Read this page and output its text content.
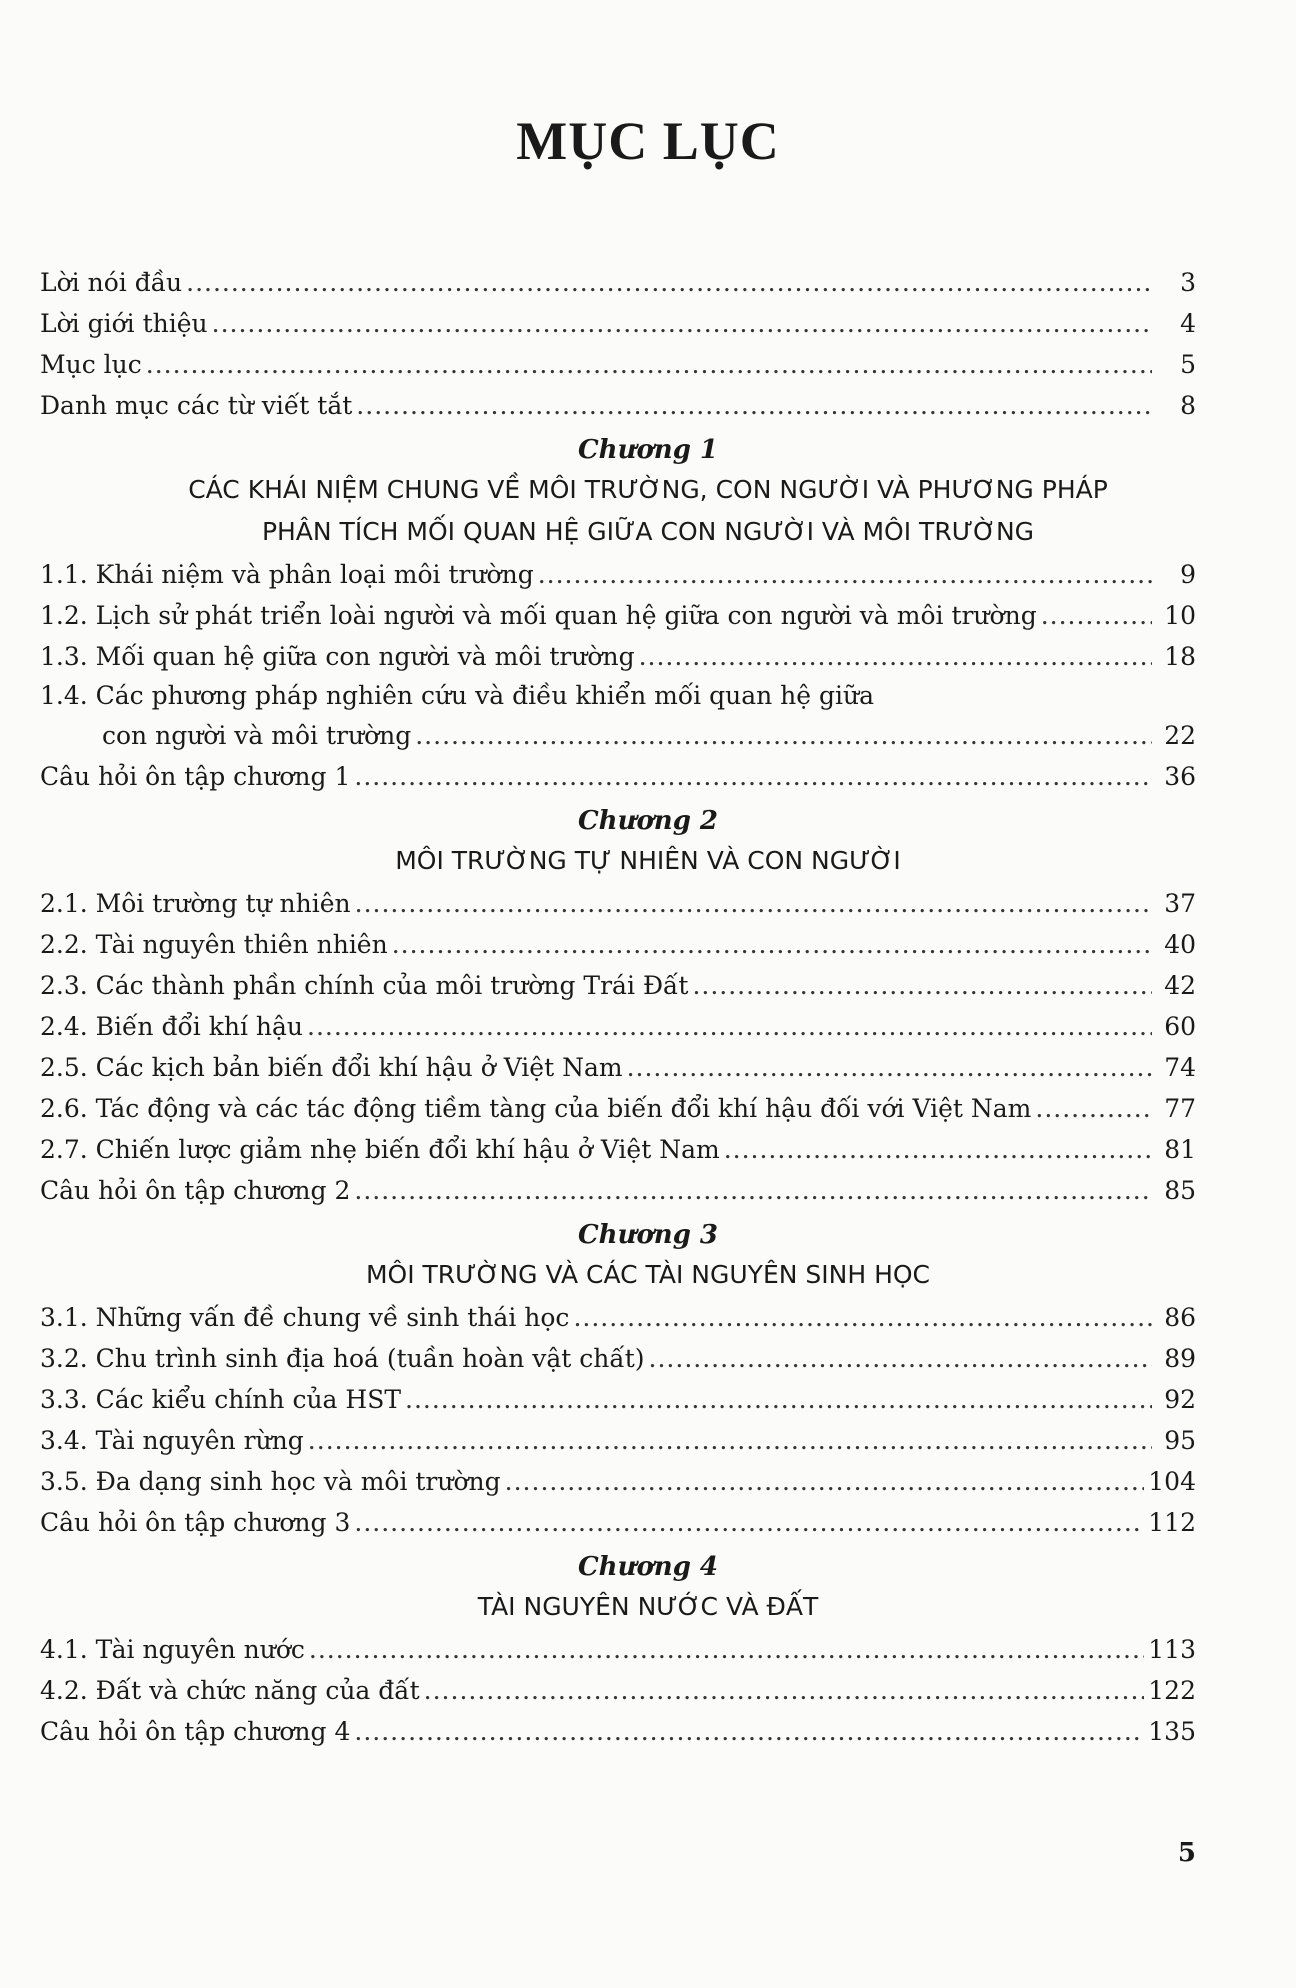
MỤC LỤC
Lời nói đầu .....	3
Lời giới thiệu .....	4
Mục lục .....	5
Danh mục các từ viết tắt .....	8
Chương 1
CÁC KHÁI NIỆM CHUNG VỀ MÔI TRƯỜNG, CON NGƯỜI VÀ PHƯƠNG PHÁP
PHÂN TÍCH MỐI QUAN HỆ GIỮA CON NGƯỜI VÀ MÔI TRƯỜNG
1.1. Khái niệm và phân loại môi trường .....	9
1.2. Lịch sử phát triển loài người và mối quan hệ giữa con người và môi trường .....	10
1.3. Mối quan hệ giữa con người và môi trường .....	18
1.4. Các phương pháp nghiên cứu và điều khiển mối quan hệ giữa
con người và môi trường .....	22
Câu hỏi ôn tập chương 1 .....	36
Chương 2
MÔI TRƯỜNG TỰ NHIÊN VÀ CON NGƯỜI
2.1. Môi trường tự nhiên .....	37
2.2. Tài nguyên thiên nhiên .....	40
2.3. Các thành phần chính của môi trường Trái Đất .....	42
2.4. Biến đổi khí hậu .....	60
2.5. Các kịch bản biến đổi khí hậu ở Việt Nam .....	74
2.6. Tác động và các tác động tiềm tàng của biến đổi khí hậu đối với Việt Nam .....	77
2.7. Chiến lược giảm nhẹ biến đổi khí hậu ở Việt Nam .....	81
Câu hỏi ôn tập chương 2 .....	85
Chương 3
MÔI TRƯỜNG VÀ CÁC TÀI NGUYÊN SINH HỌC
3.1. Những vấn đề chung về sinh thái học .....	86
3.2. Chu trình sinh địa hoá (tuần hoàn vật chất) .....	89
3.3. Các kiểu chính của HST .....	92
3.4. Tài nguyên rừng .....	95
3.5. Đa dạng sinh học và môi trường .....	104
Câu hỏi ôn tập chương 3 .....	112
Chương 4
TÀI NGUYÊN NƯỚC VÀ ĐẤT
4.1. Tài nguyên nước .....	113
4.2. Đất và chức năng của đất .....	122
Câu hỏi ôn tập chương 4 .....	135
5
